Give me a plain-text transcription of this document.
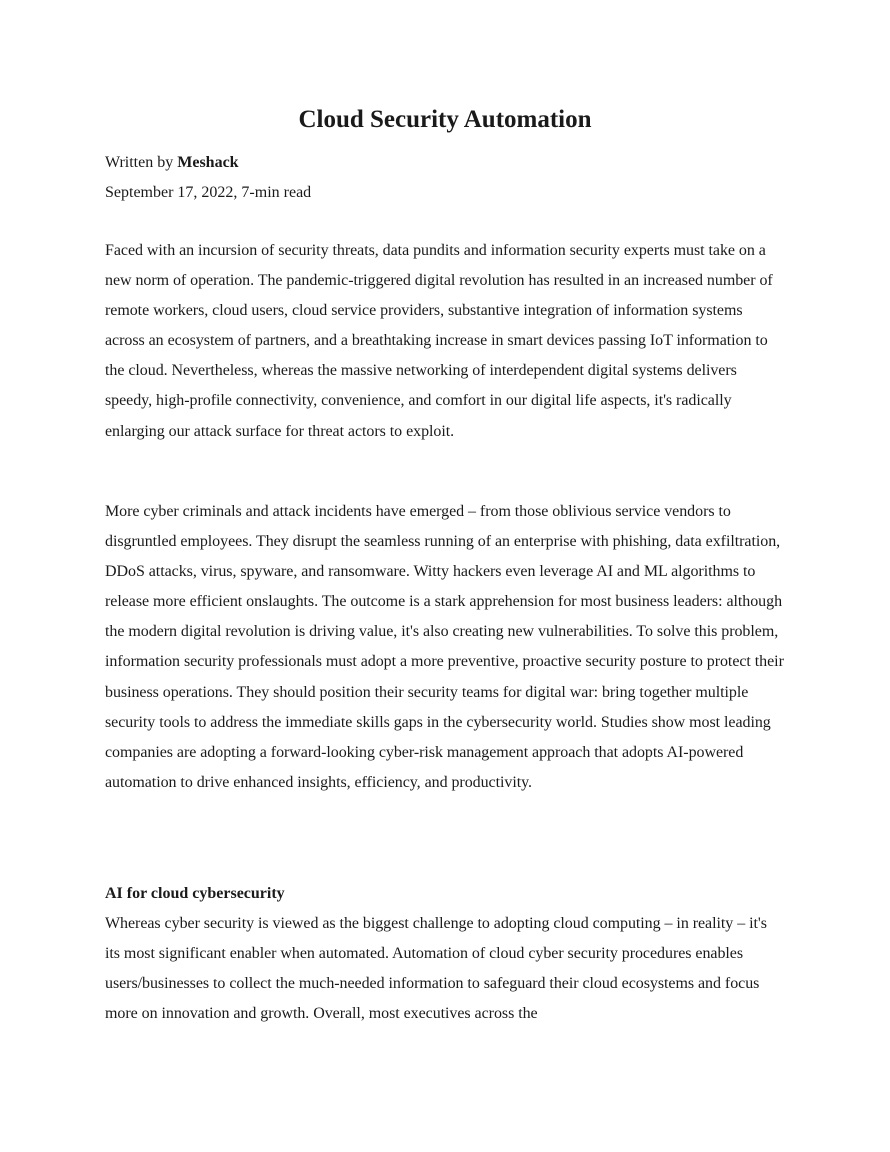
Cloud Security Automation

Written by Meshack

September 17, 2022, 7-min read

Faced with an incursion of security threats, data pundits and information security experts must take on a new norm of operation. The pandemic-triggered digital revolution has resulted in an increased number of remote workers, cloud users, cloud service providers, substantive integration of information systems across an ecosystem of partners, and a breathtaking increase in smart devices passing IoT information to the cloud. Nevertheless, whereas the massive networking of interdependent digital systems delivers speedy, high-profile connectivity, convenience, and comfort in our digital life aspects, it's radically enlarging our attack surface for threat actors to exploit.

More cyber criminals and attack incidents have emerged – from those oblivious service vendors to disgruntled employees. They disrupt the seamless running of an enterprise with phishing, data exfiltration, DDoS attacks, virus, spyware, and ransomware. Witty hackers even leverage AI and ML algorithms to release more efficient onslaughts. The outcome is a stark apprehension for most business leaders: although the modern digital revolution is driving value, it's also creating new vulnerabilities. To solve this problem, information security professionals must adopt a more preventive, proactive security posture to protect their business operations. They should position their security teams for digital war: bring together multiple security tools to address the immediate skills gaps in the cybersecurity world. Studies show most leading companies are adopting a forward-looking cyber-risk management approach that adopts AI-powered automation to drive enhanced insights, efficiency, and productivity.

AI for cloud cybersecurity

Whereas cyber security is viewed as the biggest challenge to adopting cloud computing – in reality – it's its most significant enabler when automated. Automation of cloud cyber security procedures enables users/businesses to collect the much-needed information to safeguard their cloud ecosystems and focus more on innovation and growth. Overall, most executives across the
